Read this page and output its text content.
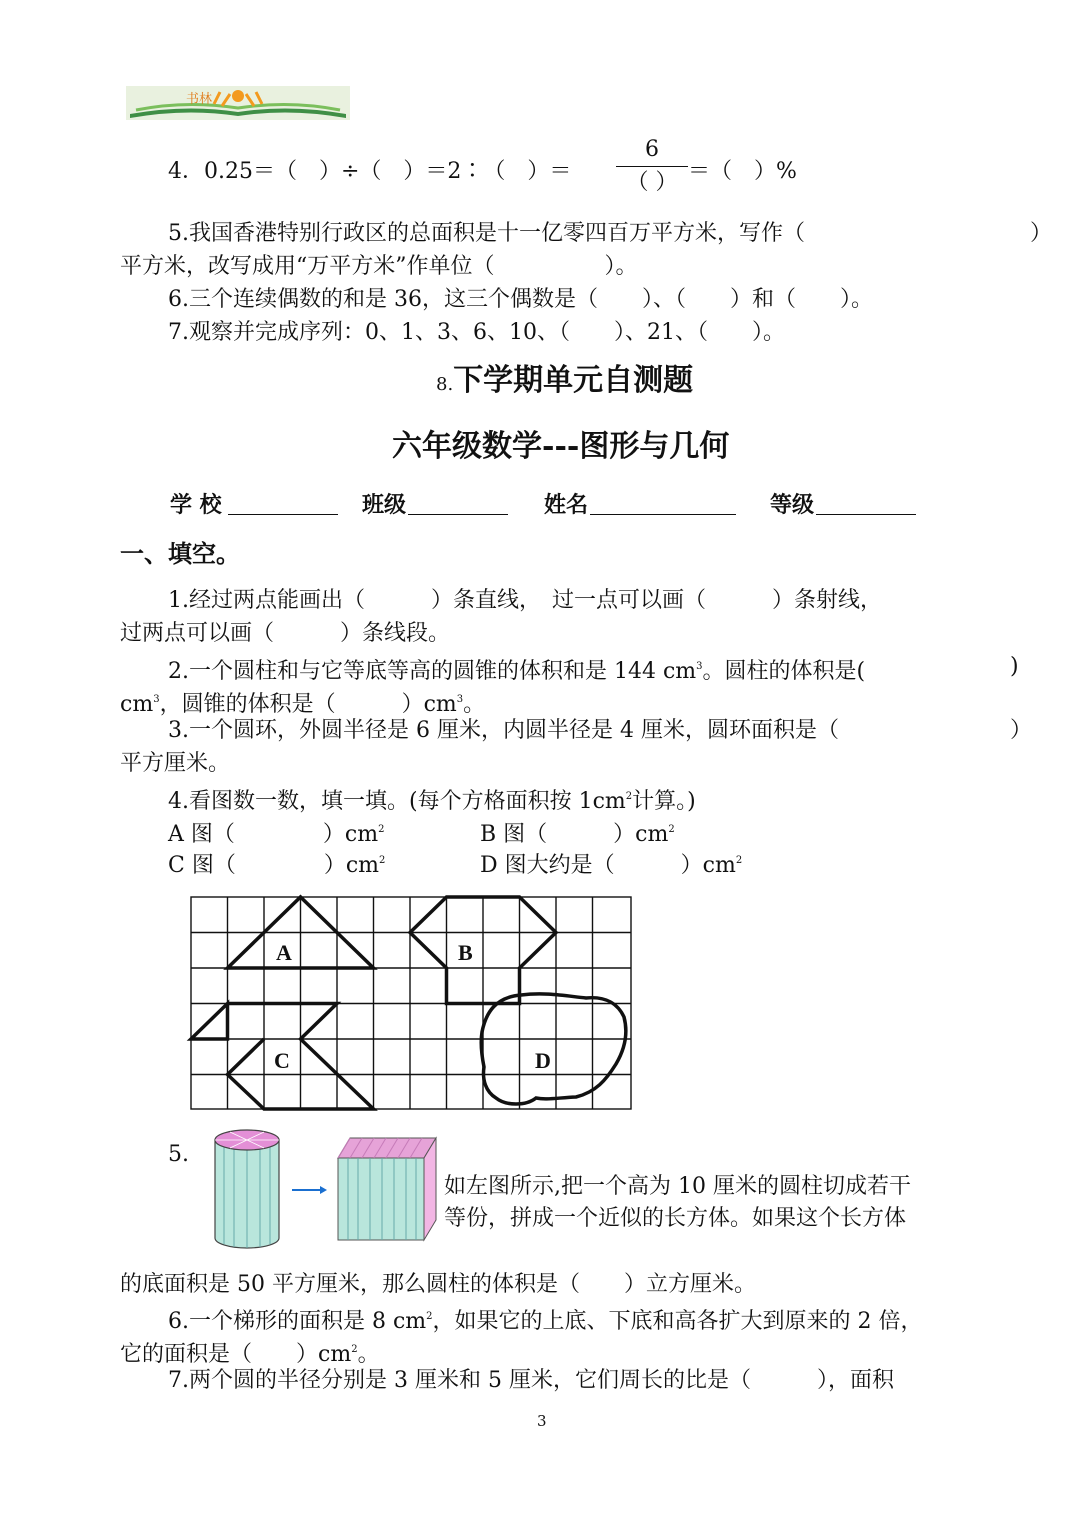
书林
4．0.25＝（　）÷（　）＝2∶（　）＝
6
（ ） ＝（　）%
5.我国香港特别行政区的总面积是十一亿零四百万平方米，写作（	）
平方米，改写成用“万平方米”作单位（　　　　　）。
6.三个连续偶数的和是 36，这三个偶数是（　　）、（　　）和（　　）。
7.观察并完成序列：0、1、3、6、10、（　　）、21、（　　）。
8.下学期单元自测题
六年级数学---图形与几何
学 校	班级	姓名	等级
一、填空。
1.经过两点能画出（　　　）条直线，　过一点可以画（　　　）条射线，
过两点可以画（　　　）条线段。
2.一个圆柱和与它等底等高的圆锥的体积和是 144 $cm^3$。圆柱的体积是(	)
$cm^3$，圆锥的体积是（　　　）$cm^3$。
3.一个圆环，外圆半径是 6 厘米，内圆半径是 4 厘米，圆环面积是（	）
平方厘米。
4.看图数一数，填一填。(每个方格面积按 $1cm^2$计算。)
A 图（　　　　）$cm^2$	B 图（　　　）$cm^2$
C 图（　　　　）$cm^2$	D 图大约是（　　　）$cm^2$
A	B
C	D
5.
如左图所示,把一个高为 10 厘米的圆柱切成若干
等份，拼成一个近似的长方体。如果这个长方体
的底面积是 50 平方厘米，那么圆柱的体积是（　　）立方厘米。
6.一个梯形的面积是 8 $cm^2$，如果它的上底、下底和高各扩大到原来的 2 倍，
它的面积是（　　）$cm^2$。
7.两个圆的半径分别是 3 厘米和 5 厘米，它们周长的比是（　　　），面积
3
